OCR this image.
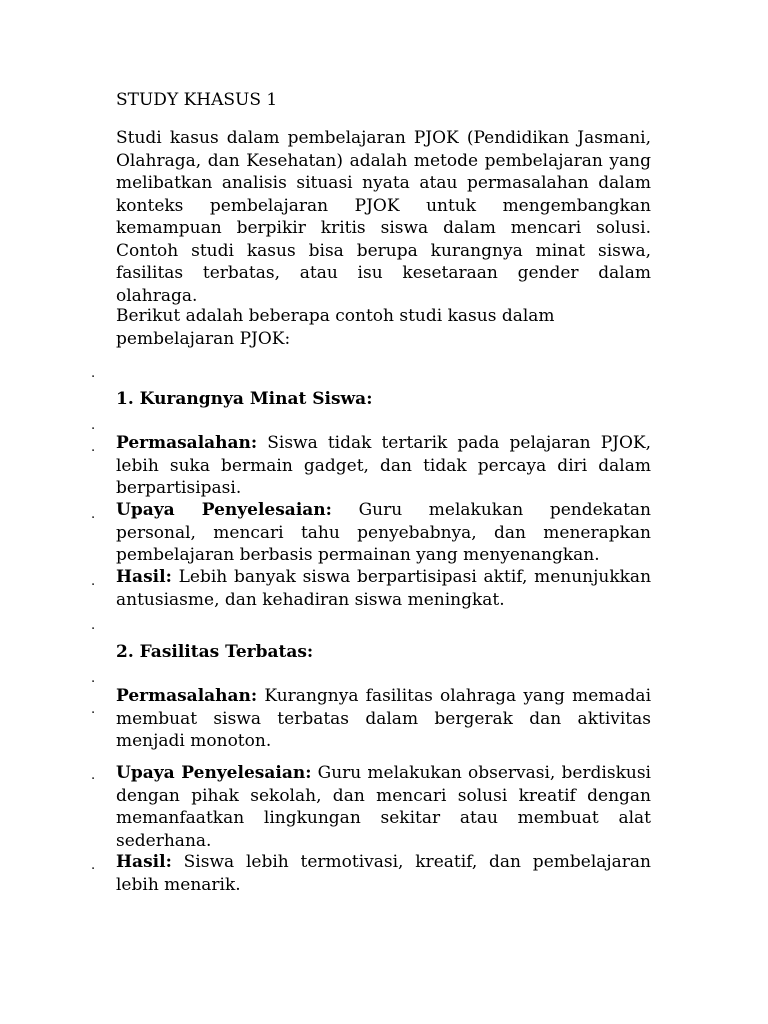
STUDY KHASUS 1
Studi kasus dalam pembelajaran PJOK (Pendidikan Jasmani, Olahraga, dan Kesehatan) adalah metode pembelajaran yang melibatkan analisis situasi nyata atau permasalahan dalam konteks pembelajaran PJOK untuk mengembangkan kemampuan berpikir kritis siswa dalam mencari solusi. Contoh studi kasus bisa berupa kurangnya minat siswa, fasilitas terbatas, atau isu kesetaraan gender dalam olahraga.
Berikut adalah beberapa contoh studi kasus dalam pembelajaran PJOK:
.
.
.
.
.
.
.
.
.
.
1. Kurangnya Minat Siswa:
Permasalahan: Siswa tidak tertarik pada pelajaran PJOK, lebih suka bermain gadget, dan tidak percaya diri dalam berpartisipasi.
Upaya Penyelesaian: Guru melakukan pendekatan personal, mencari tahu penyebabnya, dan menerapkan pembelajaran berbasis permainan yang menyenangkan.
Hasil: Lebih banyak siswa berpartisipasi aktif, menunjukkan antusiasme, dan kehadiran siswa meningkat.
2. Fasilitas Terbatas:
Permasalahan: Kurangnya fasilitas olahraga yang memadai membuat siswa terbatas dalam bergerak dan aktivitas menjadi monoton.
Upaya Penyelesaian: Guru melakukan observasi, berdiskusi dengan pihak sekolah, dan mencari solusi kreatif dengan memanfaatkan lingkungan sekitar atau membuat alat sederhana.
Hasil: Siswa lebih termotivasi, kreatif, dan pembelajaran lebih menarik.
